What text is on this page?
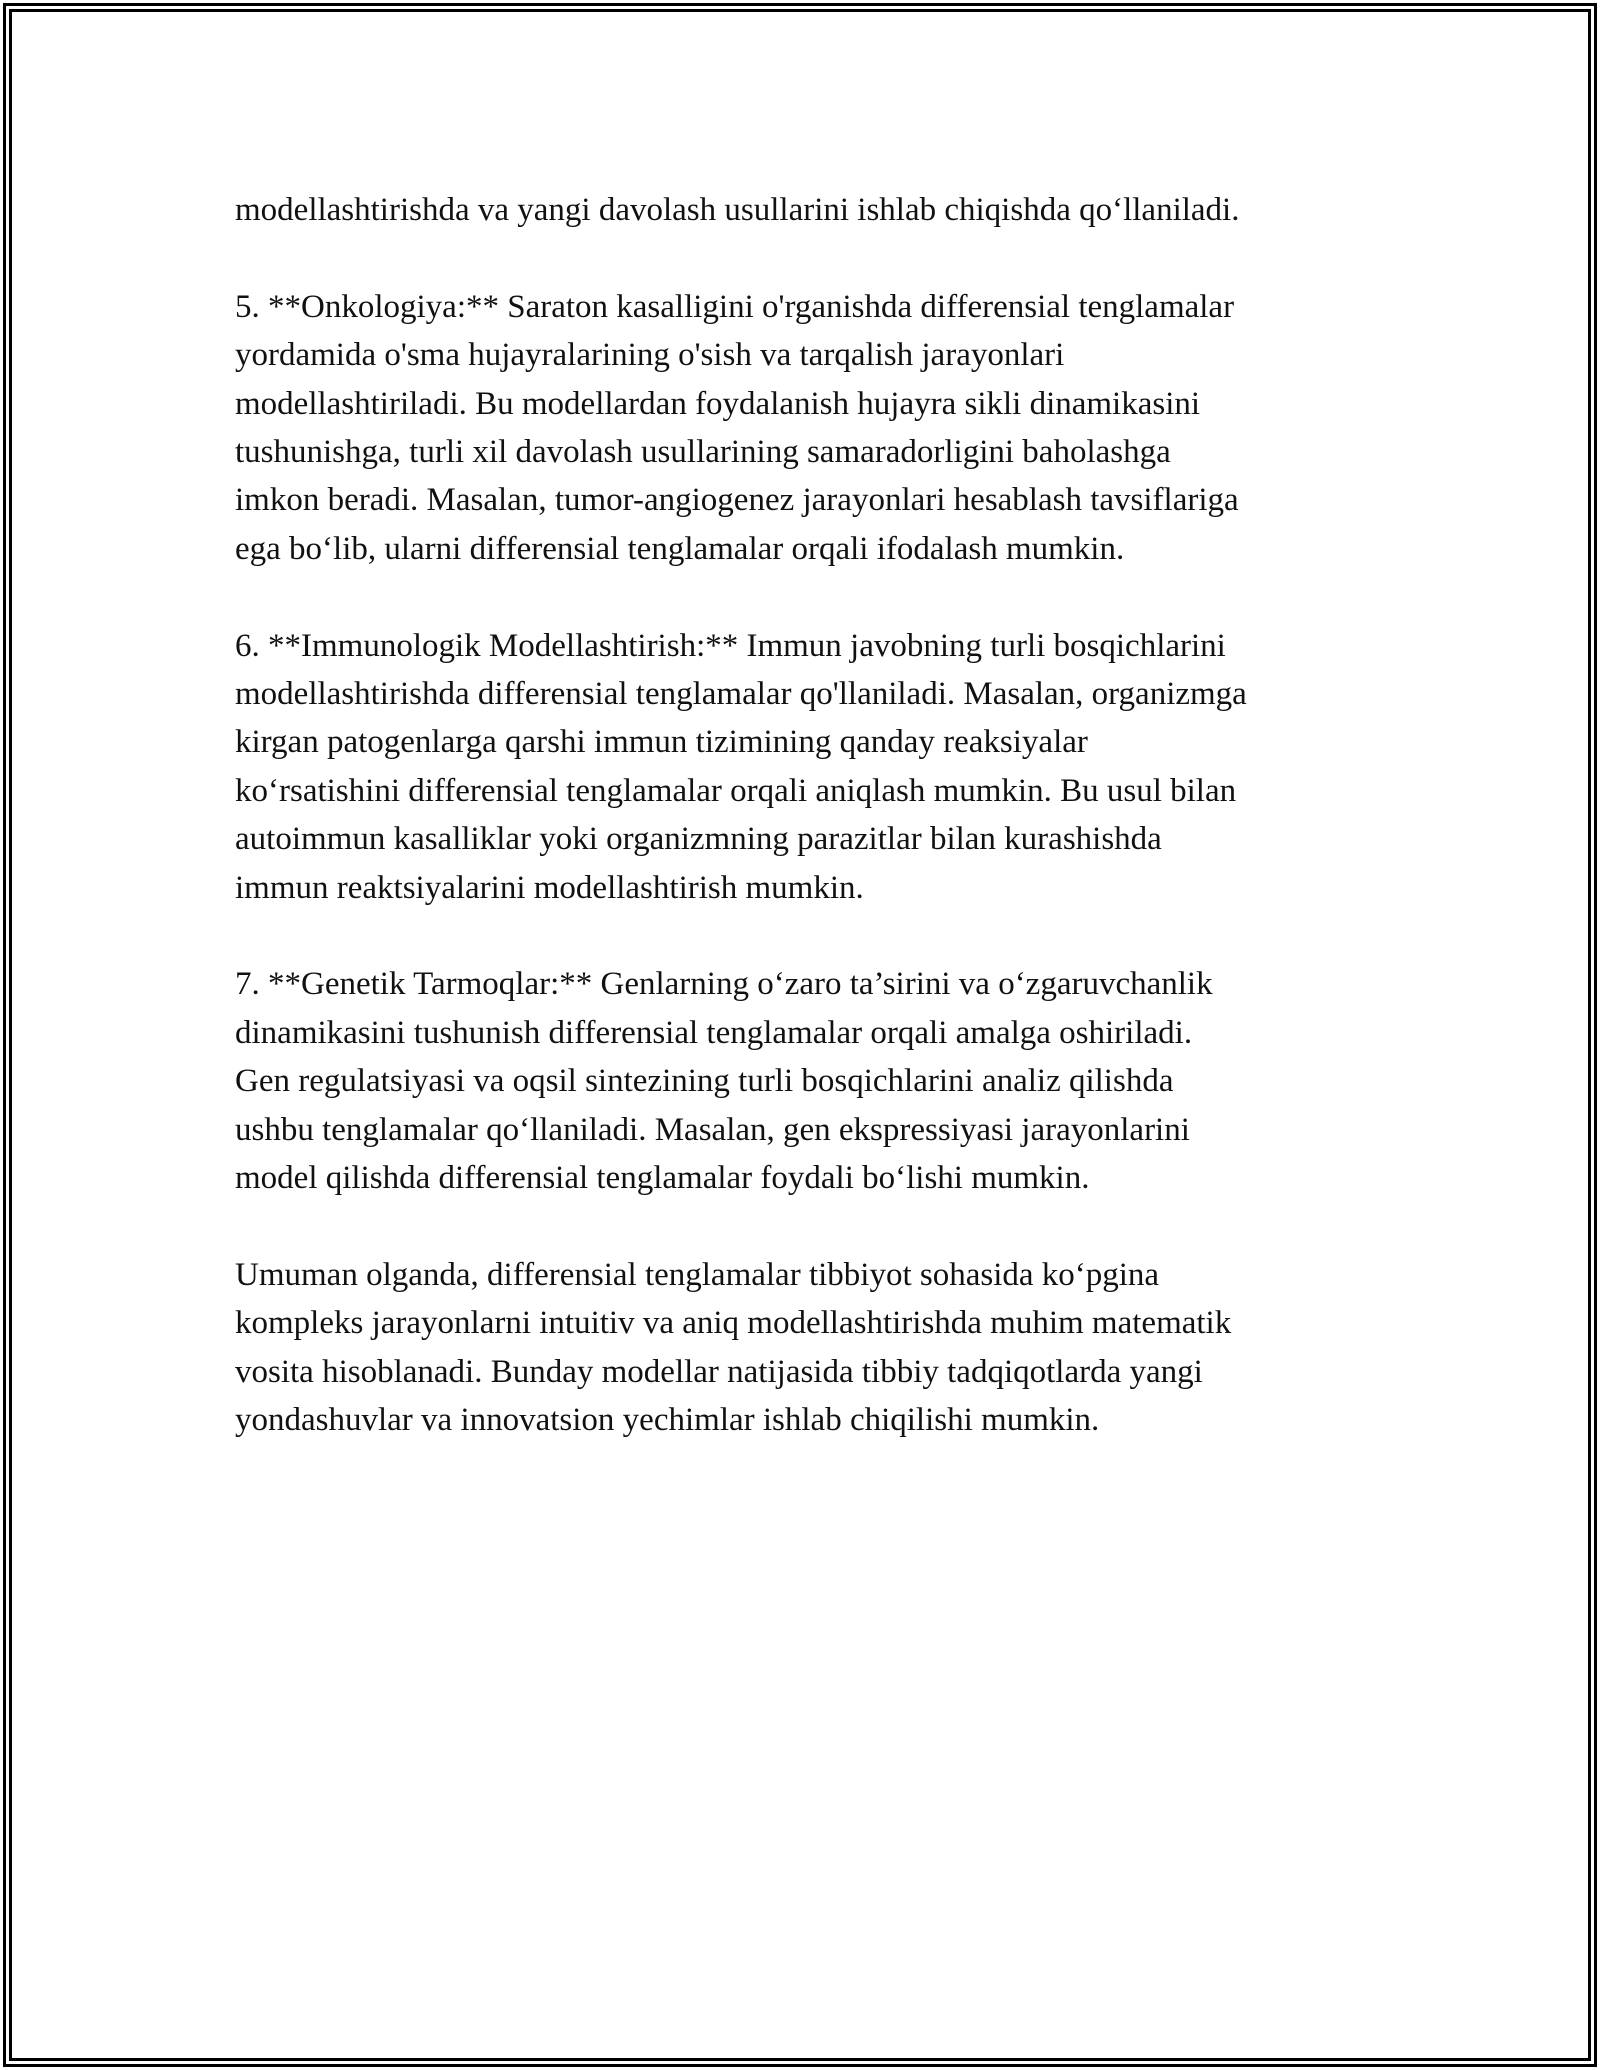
modellashtirishda va yangi davolash usullarini ishlab chiqishda qo‘llaniladi.

5. **Onkologiya:** Saraton kasalligini o'rganishda differensial tenglamalar
yordamida o'sma hujayralarining o'sish va tarqalish jarayonlari
modellashtiriladi. Bu modellardan foydalanish hujayra sikli dinamikasini
tushunishga, turli xil davolash usullarining samaradorligini baholashga
imkon beradi. Masalan, tumor-angiogenez jarayonlari hesablash tavsiflariga
ega bo‘lib, ularni differensial tenglamalar orqali ifodalash mumkin.

6. **Immunologik Modellashtirish:** Immun javobning turli bosqichlarini
modellashtirishda differensial tenglamalar qo'llaniladi. Masalan, organizmga
kirgan patogenlarga qarshi immun tizimining qanday reaksiyalar
ko‘rsatishini differensial tenglamalar orqali aniqlash mumkin. Bu usul bilan
autoimmun kasalliklar yoki organizmning parazitlar bilan kurashishda
immun reaktsiyalarini modellashtirish mumkin.

7. **Genetik Tarmoqlar:** Genlarning o‘zaro ta’sirini va o‘zgaruvchanlik
dinamikasini tushunish differensial tenglamalar orqali amalga oshiriladi.
Gen regulatsiyasi va oqsil sintezining turli bosqichlarini analiz qilishda
ushbu tenglamalar qo‘llaniladi. Masalan, gen ekspressiyasi jarayonlarini
model qilishda differensial tenglamalar foydali bo‘lishi mumkin.

Umuman olganda, differensial tenglamalar tibbiyot sohasida ko‘pgina
kompleks jarayonlarni intuitiv va aniq modellashtirishda muhim matematik
vosita hisoblanadi. Bunday modellar natijasida tibbiy tadqiqotlarda yangi
yondashuvlar va innovatsion yechimlar ishlab chiqilishi mumkin.
